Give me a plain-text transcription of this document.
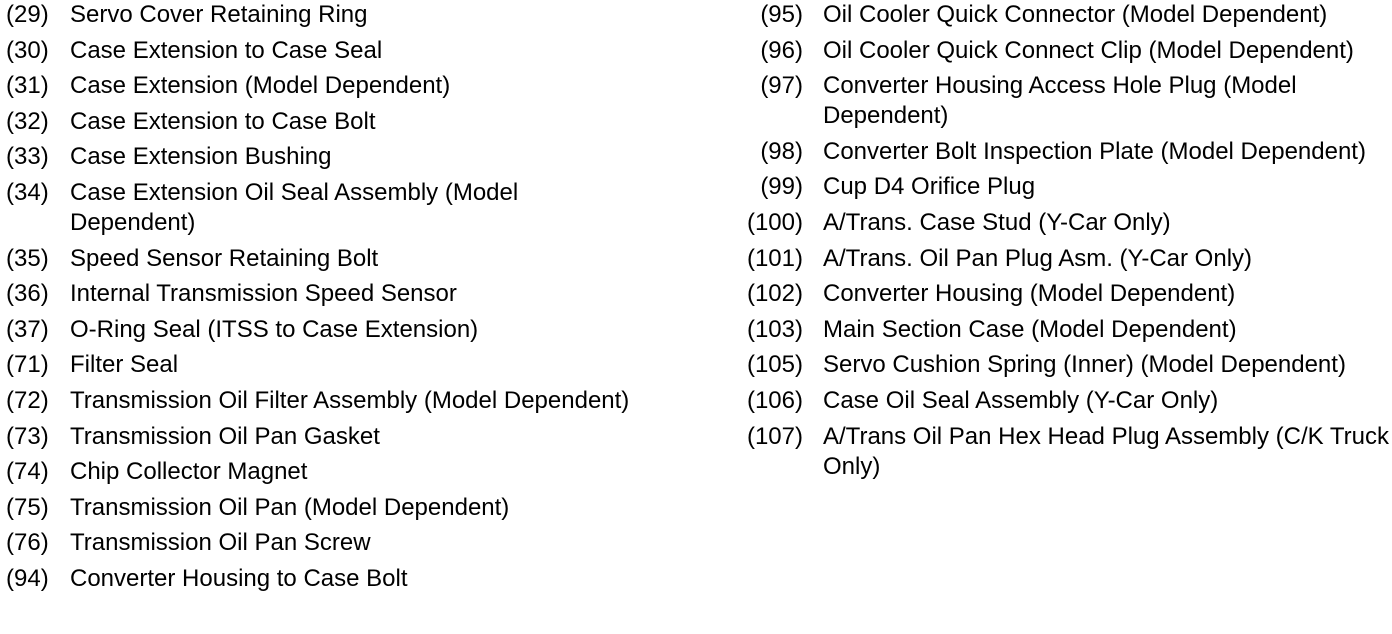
(29) Servo Cover Retaining Ring
(30) Case Extension to Case Seal
(31) Case Extension (Model Dependent)
(32) Case Extension to Case Bolt
(33) Case Extension Bushing
(34) Case Extension Oil Seal Assembly (Model Dependent)
(35) Speed Sensor Retaining Bolt
(36) Internal Transmission Speed Sensor
(37) O-Ring Seal (ITSS to Case Extension)
(71) Filter Seal
(72) Transmission Oil Filter Assembly (Model Dependent)
(73) Transmission Oil Pan Gasket
(74) Chip Collector Magnet
(75) Transmission Oil Pan (Model Dependent)
(76) Transmission Oil Pan Screw
(94) Converter Housing to Case Bolt
(95) Oil Cooler Quick Connector (Model Dependent)
(96) Oil Cooler Quick Connect Clip (Model Dependent)
(97) Converter Housing Access Hole Plug (Model Dependent)
(98) Converter Bolt Inspection Plate (Model Dependent)
(99) Cup D4 Orifice Plug
(100) A/Trans. Case Stud (Y-Car Only)
(101) A/Trans. Oil Pan Plug Asm. (Y-Car Only)
(102) Converter Housing (Model Dependent)
(103) Main Section Case (Model Dependent)
(105) Servo Cushion Spring (Inner) (Model Dependent)
(106) Case Oil Seal Assembly (Y-Car Only)
(107) A/Trans Oil Pan Hex Head Plug Assembly (C/K Truck Only)
